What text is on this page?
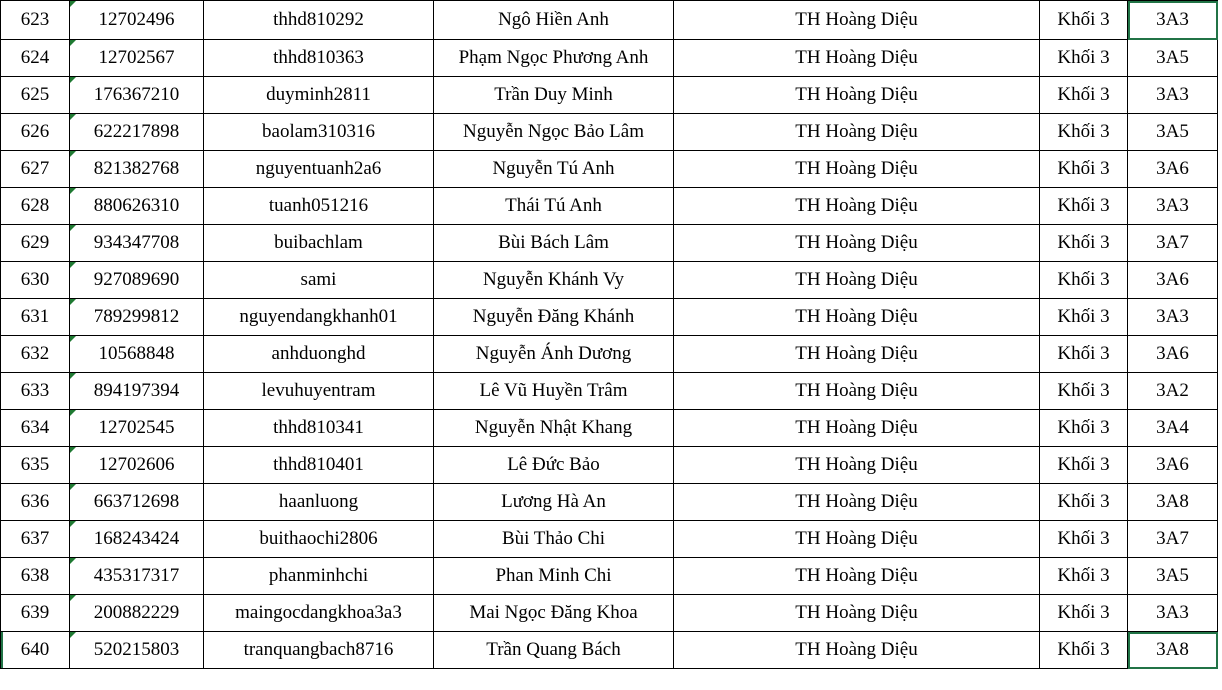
623	12702496	thhd810292	Ngô Hiền Anh	TH Hoàng Diệu	Khối 3	3A3
624	12702567	thhd810363	Phạm Ngọc Phương Anh	TH Hoàng Diệu	Khối 3	3A5
625	176367210	duyminh2811	Trần Duy Minh	TH Hoàng Diệu	Khối 3	3A3
626	622217898	baolam310316	Nguyễn Ngọc Bảo Lâm	TH Hoàng Diệu	Khối 3	3A5
627	821382768	nguyentuanh2a6	Nguyễn Tú Anh	TH Hoàng Diệu	Khối 3	3A6
628	880626310	tuanh051216	Thái Tú Anh	TH Hoàng Diệu	Khối 3	3A3
629	934347708	buibachlam	Bùi Bách Lâm	TH Hoàng Diệu	Khối 3	3A7
630	927089690	sami	Nguyễn Khánh Vy	TH Hoàng Diệu	Khối 3	3A6
631	789299812	nguyendangkhanh01	Nguyễn Đăng Khánh	TH Hoàng Diệu	Khối 3	3A3
632	10568848	anhduonghd	Nguyễn Ánh Dương	TH Hoàng Diệu	Khối 3	3A6
633	894197394	levuhuyentram	Lê Vũ Huyền Trâm	TH Hoàng Diệu	Khối 3	3A2
634	12702545	thhd810341	Nguyễn Nhật Khang	TH Hoàng Diệu	Khối 3	3A4
635	12702606	thhd810401	Lê Đức Bảo	TH Hoàng Diệu	Khối 3	3A6
636	663712698	haanluong	Lương Hà An	TH Hoàng Diệu	Khối 3	3A8
637	168243424	buithaochi2806	Bùi Thảo Chi	TH Hoàng Diệu	Khối 3	3A7
638	435317317	phanminhchi	Phan Minh Chi	TH Hoàng Diệu	Khối 3	3A5
639	200882229	maingocdangkhoa3a3	Mai Ngọc Đăng Khoa	TH Hoàng Diệu	Khối 3	3A3
640	520215803	tranquangbach8716	Trần Quang Bách	TH Hoàng Diệu	Khối 3	3A8
